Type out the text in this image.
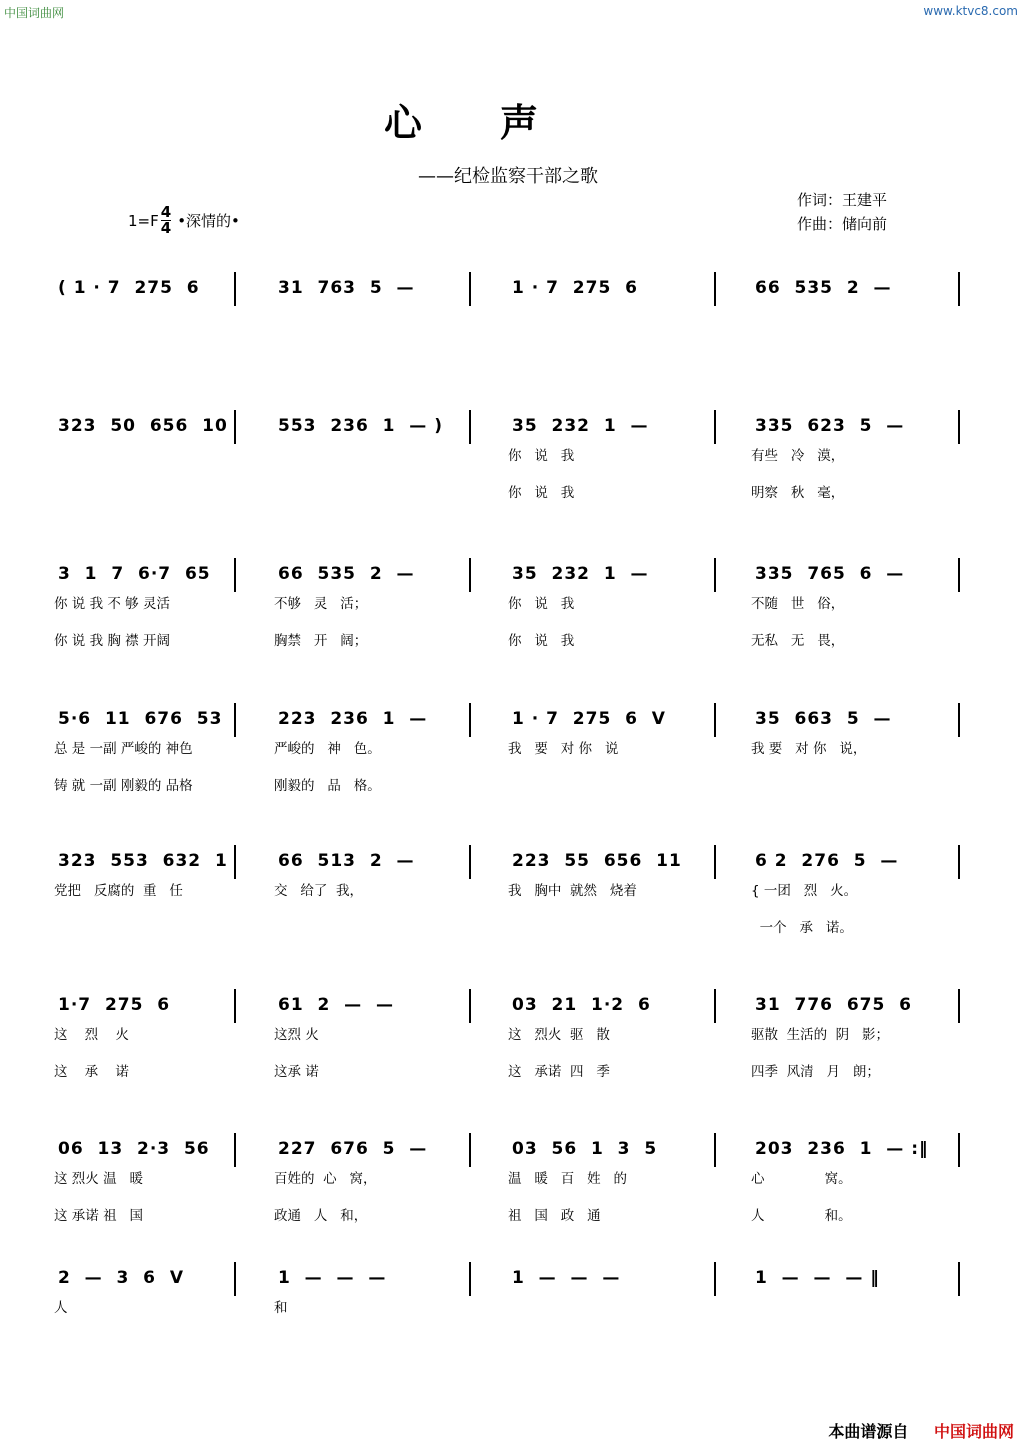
中国词曲网	www.ktvc8.com
心声
——纪检监察干部之歌
作词：王建平
作曲：储向前
$1=F \frac{4}{4}$ •深情的•
( 1 · 7  275  6	31  763  5  —	1 · 7  275  6	66  535  2  —
323  50  656  10	553  236  1  — )	35  232  1  —	335  623  5  —
你   说   我	有些   冷   漠，
你   说   我	明察   秋   毫，
3  1  7  6·7  65	66  535  2  —	35  232  1  —	335  765  6  —
你 说 我 不 够 灵活	不够   灵   活；	你   说   我	不随   世   俗，
你 说 我 胸 襟 开阔	胸禁   开   阔；	你   说   我	无私   无   畏，
5·6  11  676  53	223  236  1  —	1 · 7  275  6  V	35  663  5  —
总 是 一副 严峻的 神色	严峻的   神   色。	我   要   对 你   说	我 要   对 你   说，
铸 就 一副 刚毅的 品格	刚毅的   品   格。
323  553  632  1	66  513  2  —	223  55  656  11	6 2  276  5  —
党把   反腐的  重   任	交   给了  我，	我   胸中  就然   烧着	{ 一团   烈   火。
一个   承   诺。
1·7  275  6	61  2  —  —	03  21  1·2  6	31  776  675  6
这    烈    火	这烈 火	这   烈火  驱   散	驱散  生活的  阴   影；
这    承    诺	这承 诺	这   承诺  四   季	四季  风清   月   朗；
06  13  2·3  56	227  676  5  —	03  56  1  3  5	203  236  1  — :‖
这 烈火 温   暖	百姓的  心   窝，	温   暖   百   姓   的	心              窝。
这 承诺 祖   国	政通   人   和，	祖   国   政   通	人              和。
2  —  3  6  V	1  —  —  —	1  —  —  —	1  —  —  — ‖
人	和
本曲谱源自 中国词曲网
